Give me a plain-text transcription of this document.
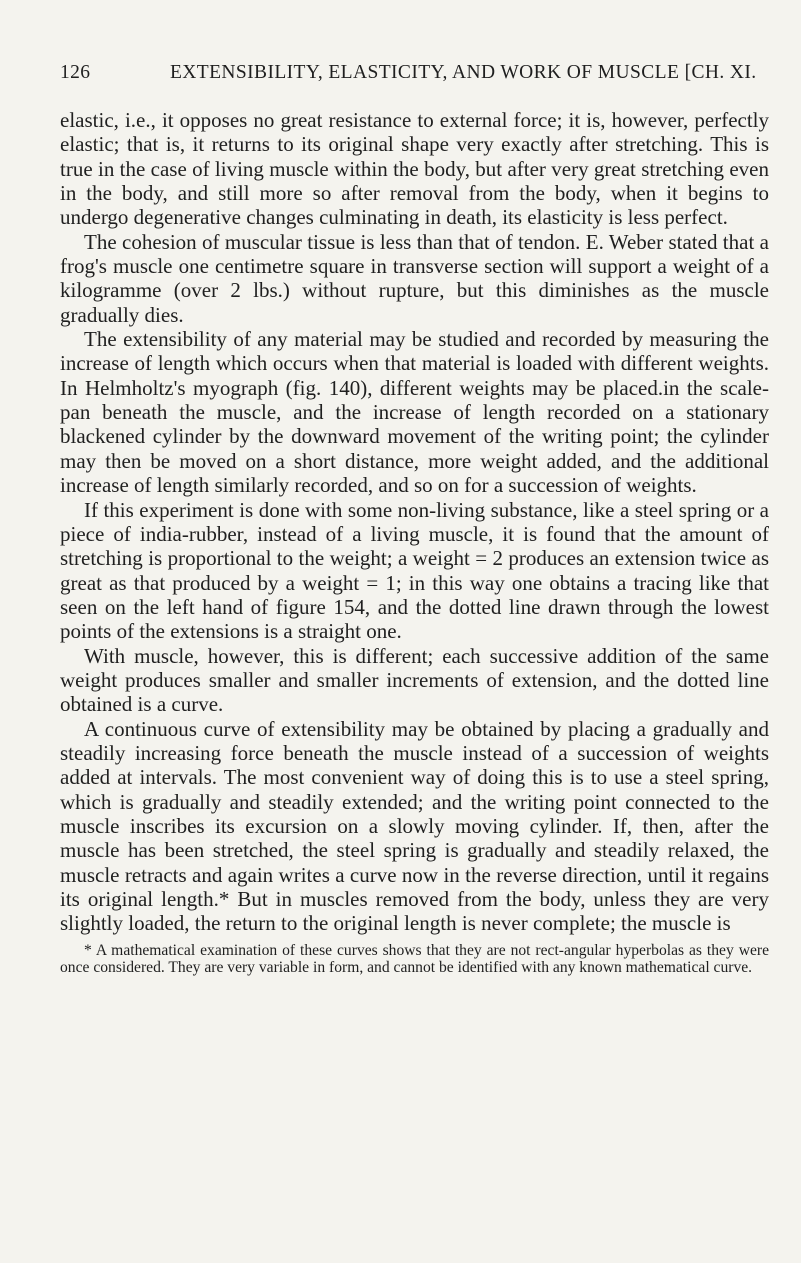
126	EXTENSIBILITY, ELASTICITY, AND WORK OF MUSCLE [CH. XI.

elastic, i.e., it opposes no great resistance to external force; it is, however, perfectly elastic; that is, it returns to its original shape very exactly after stretching. This is true in the case of living muscle within the body, but after very great stretching even in the body, and still more so after removal from the body, when it begins to undergo degenerative changes culminating in death, its elasticity is less perfect.

The cohesion of muscular tissue is less than that of tendon. E. Weber stated that a frog's muscle one centimetre square in transverse section will support a weight of a kilogramme (over 2 lbs.) without rupture, but this diminishes as the muscle gradually dies.

The extensibility of any material may be studied and recorded by measuring the increase of length which occurs when that material is loaded with different weights. In Helmholtz's myograph (fig. 140), different weights may be placed.in the scale-pan beneath the muscle, and the increase of length recorded on a stationary blackened cylinder by the downward movement of the writing point; the cylinder may then be moved on a short distance, more weight added, and the additional increase of length similarly recorded, and so on for a succession of weights.

If this experiment is done with some non-living substance, like a steel spring or a piece of india-rubber, instead of a living muscle, it is found that the amount of stretching is proportional to the weight; a weight = 2 produces an extension twice as great as that produced by a weight = 1; in this way one obtains a tracing like that seen on the left hand of figure 154, and the dotted line drawn through the lowest points of the extensions is a straight one.

With muscle, however, this is different; each successive addition of the same weight produces smaller and smaller increments of extension, and the dotted line obtained is a curve.

A continuous curve of extensibility may be obtained by placing a gradually and steadily increasing force beneath the muscle instead of a succession of weights added at intervals. The most convenient way of doing this is to use a steel spring, which is gradually and steadily extended; and the writing point connected to the muscle inscribes its excursion on a slowly moving cylinder. If, then, after the muscle has been stretched, the steel spring is gradually and steadily relaxed, the muscle retracts and again writes a curve now in the reverse direction, until it regains its original length.* But in muscles removed from the body, unless they are very slightly loaded, the return to the original length is never complete; the muscle is

* A mathematical examination of these curves shows that they are not rect-angular hyperbolas as they were once considered. They are very variable in form, and cannot be identified with any known mathematical curve.
